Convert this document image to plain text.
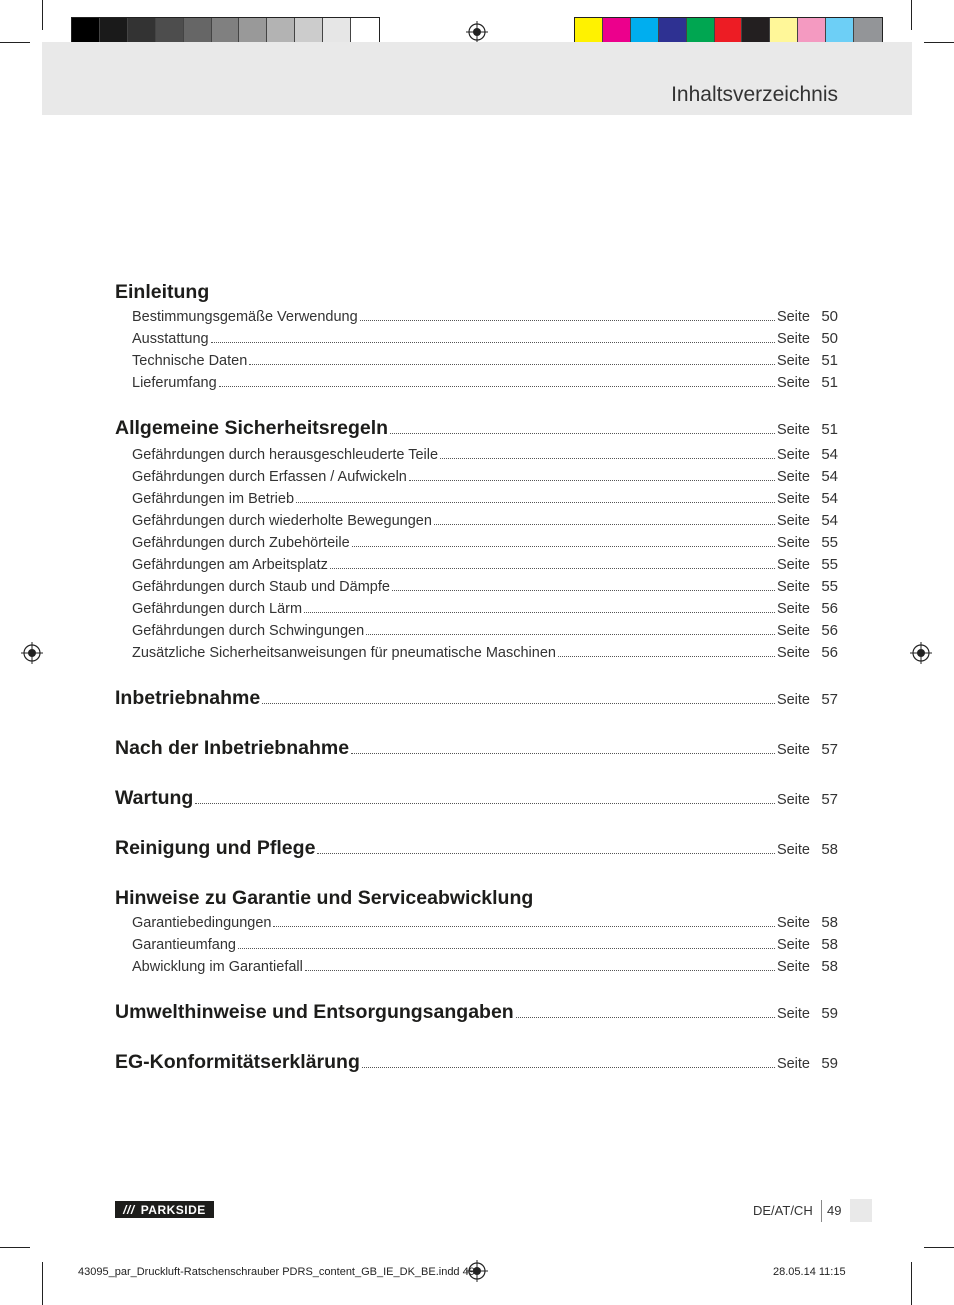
Inhaltsverzeichnis
Einleitung
Bestimmungsgemäße Verwendung	Seite 50
Ausstattung	Seite 50
Technische Daten	Seite 51
Lieferumfang	Seite 51
Allgemeine Sicherheitsregeln	Seite 51
Gefährdungen durch herausgeschleuderte Teile	Seite 54
Gefährdungen durch Erfassen / Aufwickeln	Seite 54
Gefährdungen im Betrieb	Seite 54
Gefährdungen durch wiederholte Bewegungen	Seite 54
Gefährdungen durch Zubehörteile	Seite 55
Gefährdungen am Arbeitsplatz	Seite 55
Gefährdungen durch Staub und Dämpfe	Seite 55
Gefährdungen durch Lärm	Seite 56
Gefährdungen durch Schwingungen	Seite 56
Zusätzliche Sicherheitsanweisungen für pneumatische Maschinen	Seite 56
Inbetriebnahme	Seite 57
Nach der Inbetriebnahme	Seite 57
Wartung	Seite 57
Reinigung und Pflege	Seite 58
Hinweise zu Garantie und Serviceabwicklung
Garantiebedingungen	Seite 58
Garantieumfang	Seite 58
Abwicklung im Garantiefall	Seite 58
Umwelthinweise und Entsorgungsangaben	Seite 59
EG-Konformitätserklärung	Seite 59
/// PARKSIDE	DE/AT/CH 49
43095_par_Druckluft-Ratschenschrauber PDRS_content_GB_IE_DK_BE.indd 49	28.05.14 11:15
